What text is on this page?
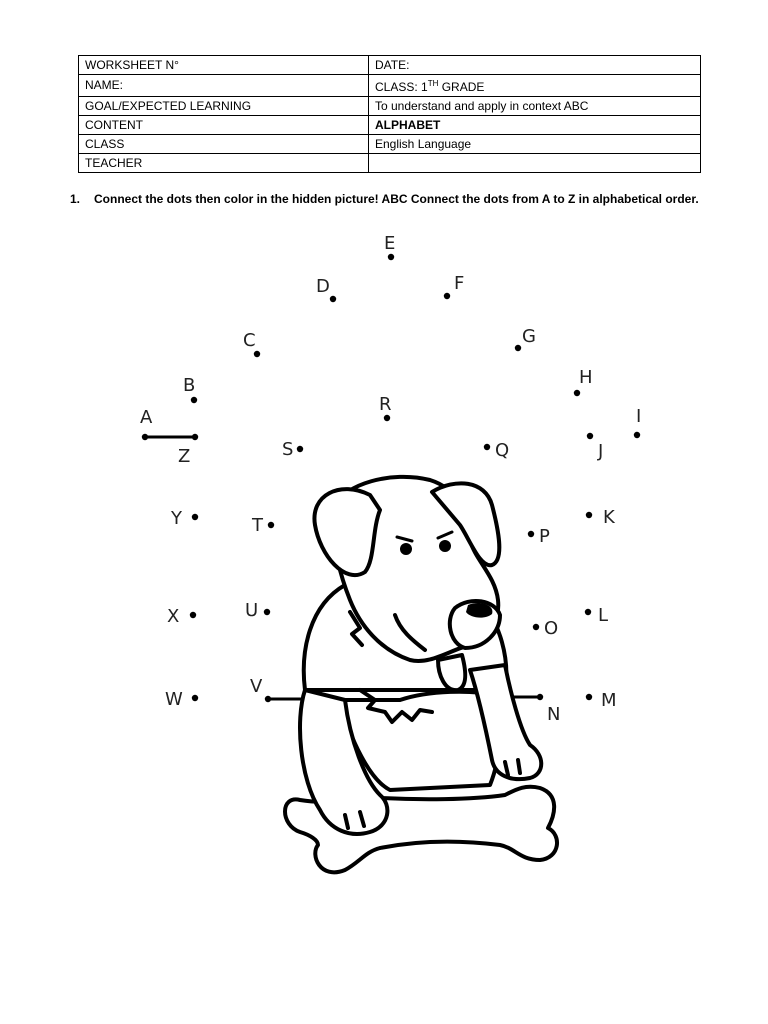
WORKSHEET N°	DATE:
NAME:	CLASS: 1TH GRADE
GOAL/EXPECTED LEARNING	To understand and apply in context ABC
CONTENT	ALPHABET
CLASS	English Language
TEACHER	
1. Connect the dots then color in the hidden picture! ABC Connect the dots from A to Z in alphabetical order.
A
B
C
D
E
F
G
H
I
J
K
L
M
N
O
P
Q
R
S
T
U
V
W
X
Y
Z
